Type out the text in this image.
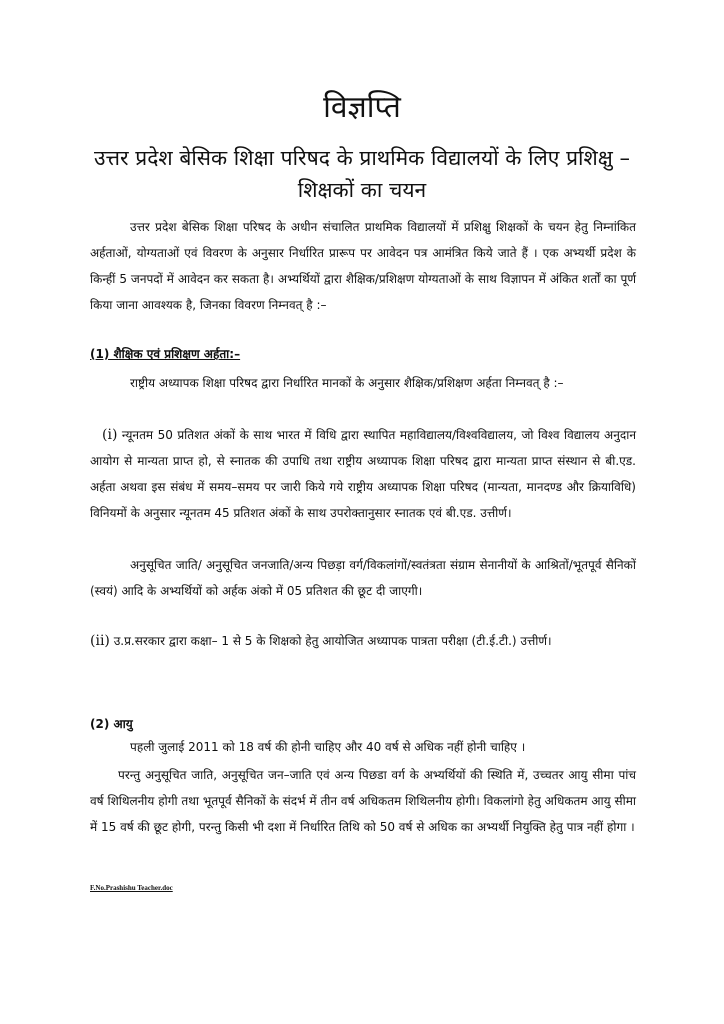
विज्ञप्ति
उत्तर प्रदेश बेसिक शिक्षा परिषद के प्राथमिक विद्यालयों के लिए प्रशिक्षु – शिक्षकों का चयन
उत्तर प्रदेश बेसिक शिक्षा परिषद के अधीन संचालित प्राथमिक विद्यालयों में प्रशिक्षु शिक्षकों के चयन हेतु निम्नांकित अर्हताओं, योग्यताओं एवं विवरण के अनुसार निर्धारित प्रारूप पर आवेदन पत्र आमंत्रित किये जाते हैं । एक अभ्यर्थी प्रदेश के किन्हीं 5 जनपदों में आवेदन कर सकता है। अभ्यर्थियों द्वारा शैक्षिक/प्रशिक्षण योग्यताओं के साथ विज्ञापन में अंकित शर्तों का पूर्ण किया जाना आवश्यक है, जिनका विवरण निम्नवत् है :–
(1) शैक्षिक एवं प्रशिक्षण अर्हता:–
राष्ट्रीय अध्यापक शिक्षा परिषद द्वारा निर्धारित मानकों के अनुसार शैक्षिक/प्रशिक्षण अर्हता निम्नवत् है :–
(i) न्यूनतम 50 प्रतिशत अंकों के साथ भारत में विधि द्वारा स्थापित महाविद्यालय/विश्वविद्यालय, जो विश्व विद्यालय अनुदान आयोग से मान्यता प्राप्त हो, से स्नातक की उपाधि तथा राष्ट्रीय अध्यापक शिक्षा परिषद द्वारा मान्यता प्राप्त संस्थान से बी.एड. अर्हता अथवा इस संबंध में समय–समय पर जारी किये गये राष्ट्रीय अध्यापक शिक्षा परिषद (मान्यता, मानदण्ड और क्रियाविधि) विनियमों के अनुसार न्यूनतम 45 प्रतिशत अंकों के साथ उपरोक्तानुसार स्नातक एवं बी.एड. उत्तीर्ण।
अनुसूचित जाति/ अनुसूचित जनजाति/अन्य पिछड़ा वर्ग/विकलांगों/स्वतंत्रता संग्राम सेनानीयों के आश्रितों/भूतपूर्व सैनिकों (स्वयं) आदि के अभ्यर्थियों को अर्हक अंको में 05 प्रतिशत की छूट दी जाएगी।
(ii) उ.प्र.सरकार द्वारा कक्षा– 1 से 5 के शिक्षको हेतु आयोजित अध्यापक पात्रता परीक्षा (टी.ई.टी.) उत्तीर्ण।
(2) आयु
पहली जुलाई 2011 को 18 वर्ष की होनी चाहिए और 40 वर्ष से अधिक नहीं होनी चाहिए ।
परन्तु अनुसूचित जाति, अनुसूचित जन–जाति एवं अन्य पिछडा वर्ग के अभ्यर्थियों की स्थिति में, उच्चतर आयु सीमा पांच वर्ष शिथिलनीय होगी तथा भूतपूर्व सैनिकों के संदर्भ में तीन वर्ष अधिकतम शिथिलनीय होगी। विकलांगो हेतु अधिकतम आयु सीमा में 15 वर्ष की छूट होगी, परन्तु किसी भी दशा में निर्धारित तिथि को 50 वर्ष से अधिक का अभ्यर्थी नियुक्ति हेतु पात्र नहीं होगा ।
F.No.Prashishu Teacher.doc
